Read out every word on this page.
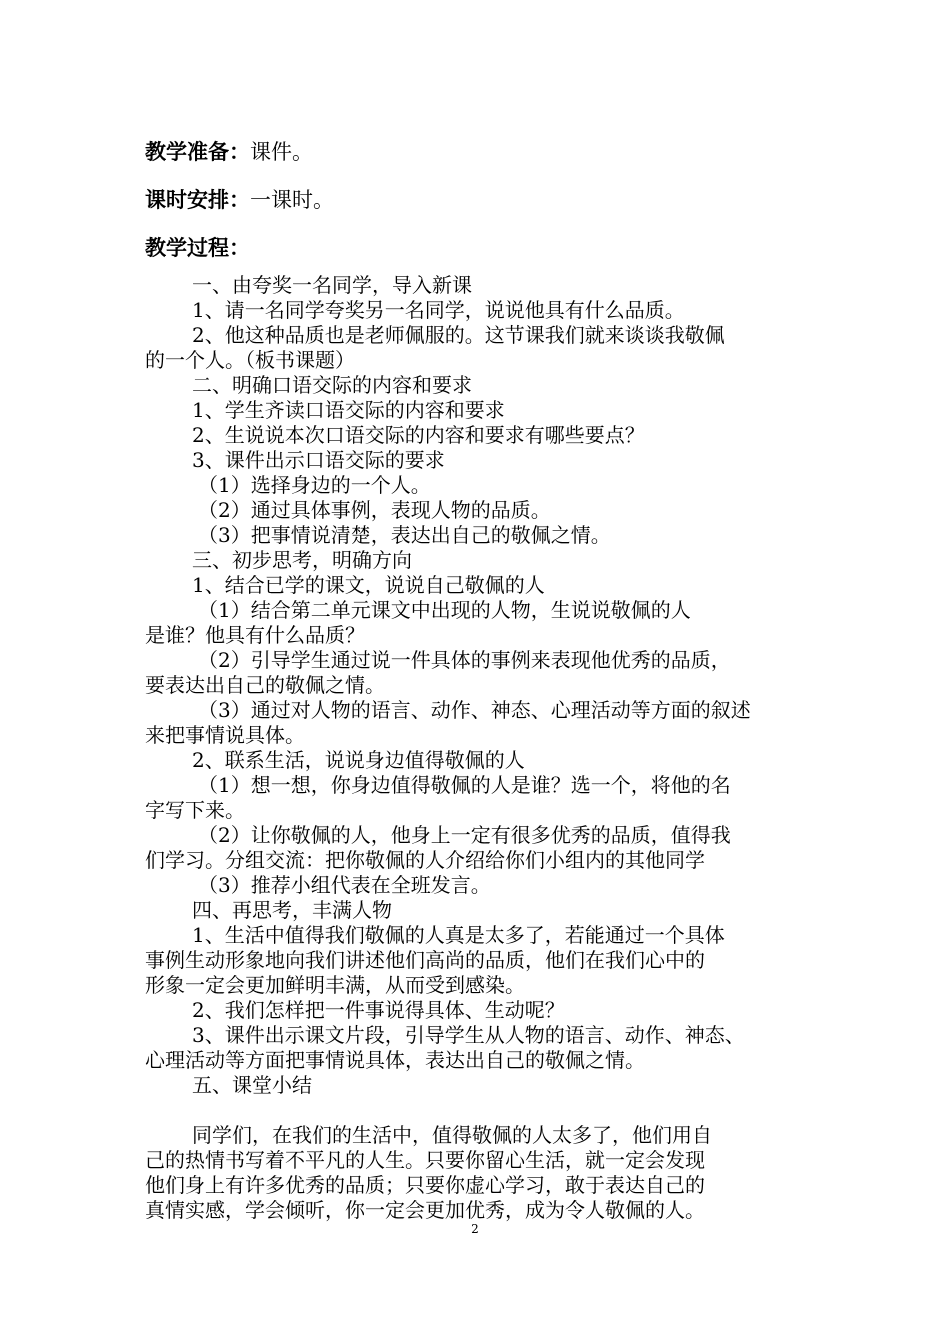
教学准备：课件。
课时安排：一课时。
教学过程：
一、由夸奖一名同学，导入新课
1、请一名同学夸奖另一名同学，说说他具有什么品质。
2、他这种品质也是老师佩服的。这节课我们就来谈谈我敬佩
的一个人。（板书课题）
二、明确口语交际的内容和要求
1、学生齐读口语交际的内容和要求
2、生说说本次口语交际的内容和要求有哪些要点？
3、课件出示口语交际的要求
（1）选择身边的一个人。
（2）通过具体事例，表现人物的品质。
（3）把事情说清楚，表达出自己的敬佩之情。
三、初步思考，明确方向
1、结合已学的课文，说说自己敬佩的人
（1）结合第二单元课文中出现的人物，生说说敬佩的人
是谁？他具有什么品质？
（2）引导学生通过说一件具体的事例来表现他优秀的品质，
要表达出自己的敬佩之情。
（3）通过对人物的语言、动作、神态、心理活动等方面的叙述
来把事情说具体。
2、联系生活，说说身边值得敬佩的人
（1）想一想，你身边值得敬佩的人是谁？选一个，将他的名
字写下来。
（2）让你敬佩的人，他身上一定有很多优秀的品质，值得我
们学习。分组交流：把你敬佩的人介绍给你们小组内的其他同学
（3）推荐小组代表在全班发言。
四、再思考，丰满人物
1、生活中值得我们敬佩的人真是太多了，若能通过一个具体
事例生动形象地向我们讲述他们高尚的品质，他们在我们心中的
形象一定会更加鲜明丰满，从而受到感染。
2、我们怎样把一件事说得具体、生动呢？
3、课件出示课文片段，引导学生从人物的语言、动作、神态、
心理活动等方面把事情说具体，表达出自己的敬佩之情。
五、课堂小结
同学们，在我们的生活中，值得敬佩的人太多了，他们用自
己的热情书写着不平凡的人生。只要你留心生活，就一定会发现
他们身上有许多优秀的品质；只要你虚心学习，敢于表达自己的
真情实感，学会倾听，你一定会更加优秀，成为令人敬佩的人。
2
